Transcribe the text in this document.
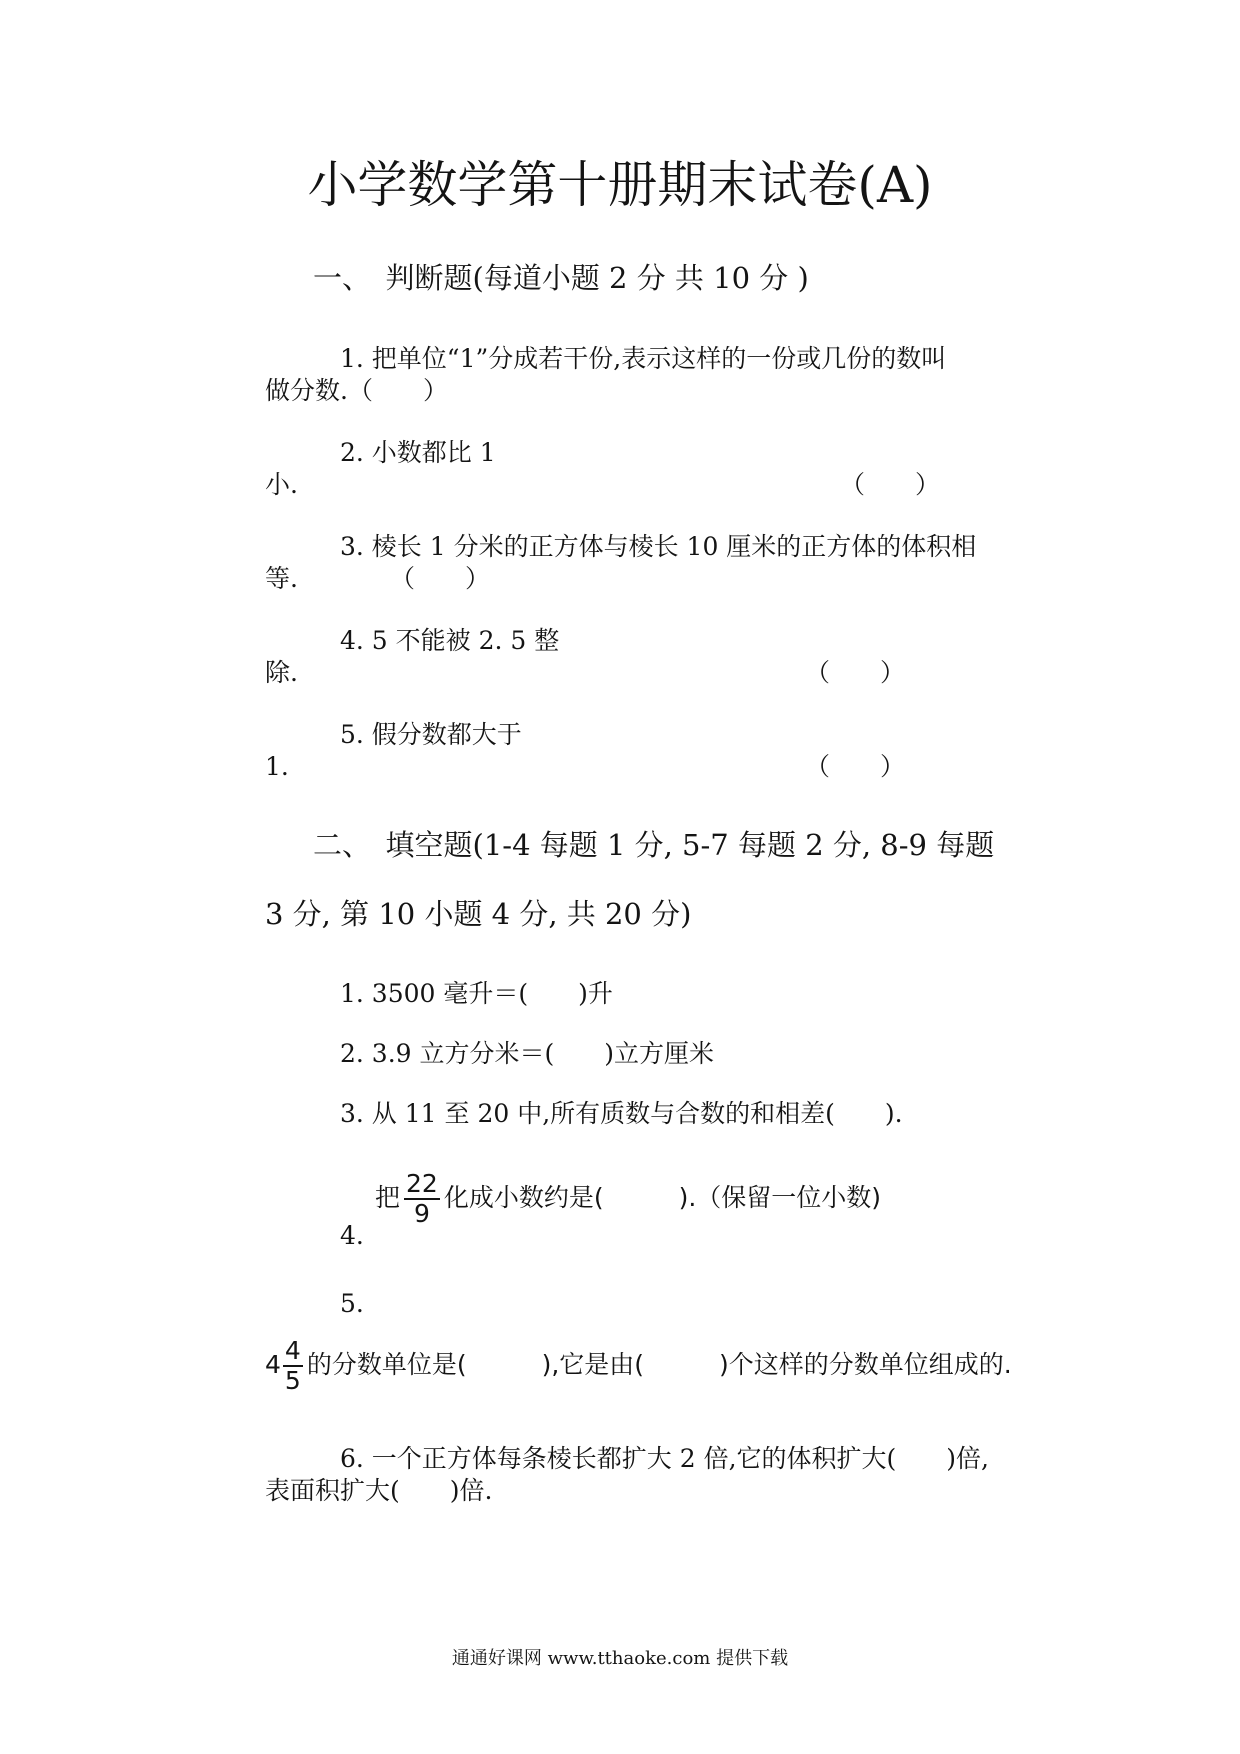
小学数学第十册期末试卷(A)
一、　判断题(每道小题 2 分 共 10 分 )
1. 把单位“1”分成若干份,表示这样的一份或几份的数叫
做分数.（　　）
2. 小数都比 1
小.	（　　）
3. 棱长 1 分米的正方体与棱长 10 厘米的正方体的体积相
等.	（　　）
4. 5 不能被 2. 5 整
除.	（　　）
5. 假分数都大于
1.	（　　）
二、　填空题(1-4 每题 1 分, 5-7 每题 2 分, 8-9 每题
3 分, 第 10 小题 4 分, 共 20 分)
1. 3500 毫升＝(　　)升
2. 3.9 立方分米＝(　　)立方厘米
3. 从 11 至 20 中,所有质数与合数的和相差(　　).
把 $\frac{22}{9}$ 化成小数约是(　　　).（保留一位小数)
4.
5.
$4 \frac{4}{5}$ 的分数单位是(　　　),它是由(　　　)个这样的分数单位组成的.
6. 一个正方体每条棱长都扩大 2 倍,它的体积扩大(　　)倍,
表面积扩大(　　)倍.
通通好课网 www.tthaoke.com 提供下载
